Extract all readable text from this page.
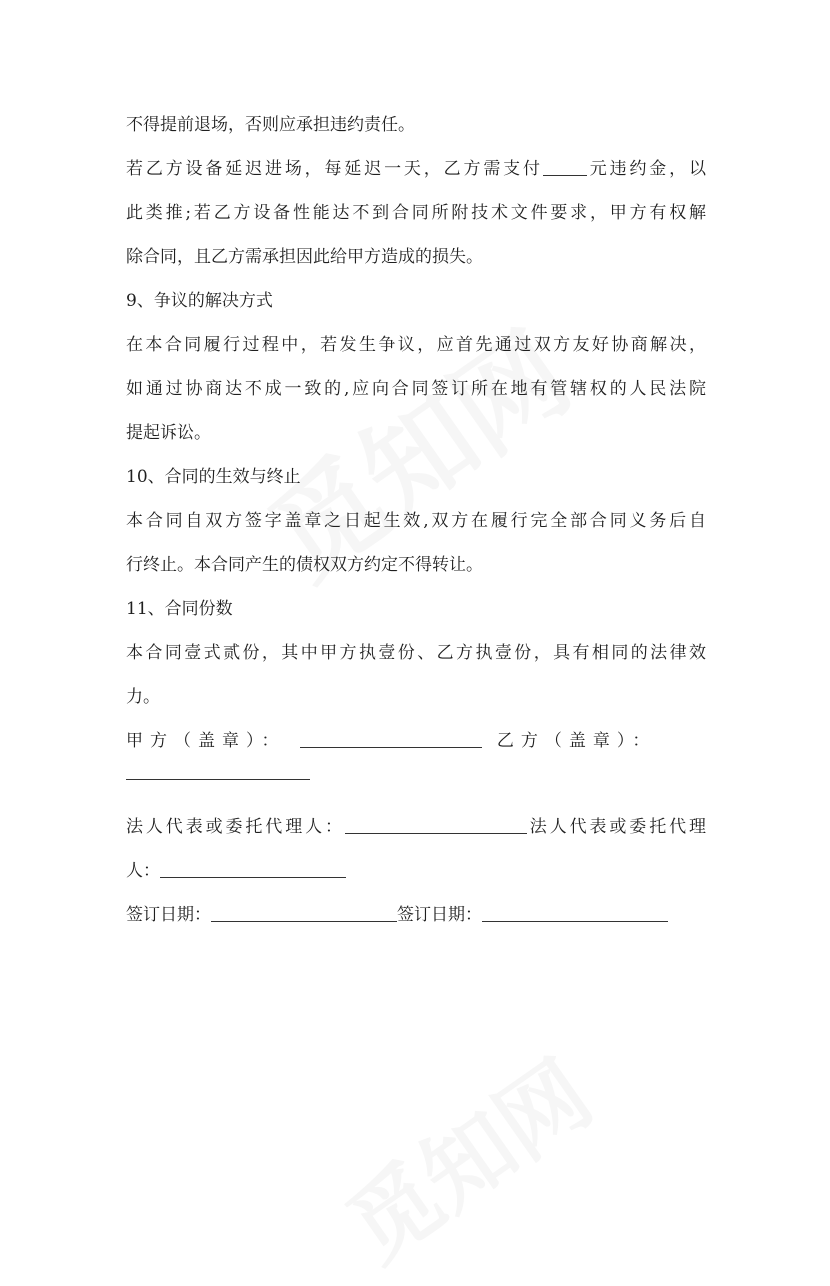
不得提前退场，否则应承担违约责任。
若乙方设备延迟进场，每延迟一天，乙方需支付	元违约金，以
此类推;若乙方设备性能达不到合同所附技术文件要求，甲方有权解
除合同，且乙方需承担因此给甲方造成的损失。
9、争议的解决方式
在本合同履行过程中，若发生争议，应首先通过双方友好协商解决，
如通过协商达不成一致的,应向合同签订所在地有管辖权的人民法院
提起诉讼。
10、合同的生效与终止
本合同自双方签字盖章之日起生效,双方在履行完全部合同义务后自
行终止。本合同产生的债权双方约定不得转让。
11、合同份数
本合同壹式贰份，其中甲方执壹份、乙方执壹份，具有相同的法律效
力。
甲方（盖章）：	乙方（盖章）：
法人代表或委托代理人：	法人代表或委托代理
人：
签订日期：	签订日期：
